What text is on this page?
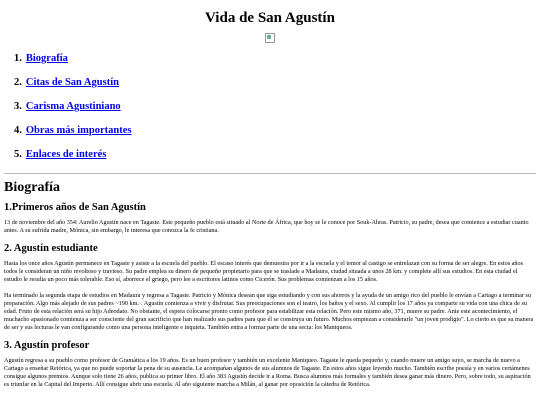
Vida de San Agustín
1. Biografía
2. Citas de San Agustín
3. Carisma Agustiniano
4. Obras más importantes
5. Enlaces de interés
Biografía
1.Primeros años de San Agustín

13 de noviembre del año 354: Aurelio Agustín nace en Tagaste. Este pequeño pueblo está situado al Norte de África, que hoy se le conoce por Souk-Ahras. Patricio, su padre, desea que comience a estudiar cuanto antes. A su sufrida madre, Mónica, sin embargo, le interesa que conozca la fe cristiana.

2. Agustín estudiante

Hasta los once años Agustín permanece en Tagaste y asiste a la escuela del pueblo. El escaso interés que demuestra por ir a la escuela y el temor al castigo se entrelazan con su forma de ser alegre. En estos años todos le consideran un niño revoltoso y travieso. Su padre emplea su dinero de pequeño propietario para que se traslade a Madaura, ciudad situada a unos 28 km. y complete allí sus estudios. En esta ciudad el estudio le resulta un poco más tolerable. Eso sí, aborrece el griego, pero lee a escritores latinos como Cicerón. Sus problemas comienzan a los 15 años.

Ha terminado la segunda etapa de estudios en Madaura y regresa a Tagaste. Patricio y Mónica desean que siga estudiando y con sus ahorros y la ayuda de un amigo rico del pueblo le envían a Cartago a terminar su preparación. Algo más alejado de sus padres ~190 km.·. Agustín comienza a vivir y disfrutar. Sus preocupaciones son el teatro, los baños y el sexo. Al cumplir los 17 años ya comparte su vida con una chica de su edad. Fruto de esta relación será su hijo Adeodato. No obstante, el esperа colocarse pronto como profesor para estabilizar esta relación. Pero este mismo año, 371, muere su padre. Ante este acontecimiento, el muchacho apasionado comienza a ser consciente del gran sacrificio que han realizado sus padres para que él se construya un futuro. Muchos empiezan a considerarle "un joven prodigio". Lo cierto es que su manera de ser y sus lecturas le van configurando como una persona inteligente e inquieta. También entra a formar parte de una secta: los Maniqueos.

3. Agustín profesor

Agustín regresa a su pueblo como profesor de Gramática a los 19 años. Es un buen profesor y también un excelente Maniqueo. Tagaste le queda pequeño y, cuando muere un amigo suyo, se marcha de nuevo a Cartago a enseñar Retórica, ya que no puede soportar la pena de su ausencia. Le acompañan algunos de sus alumnos de Tagaste. En estos años sigue leyendo mucho. También escribe poesía y en varios certámenes consigue algunos premios. Aunque solo tiene 26 años, publica su primer libro. El año 383 Agustín decide ir a Roma. Busca alumnos más formales y también desea ganar más dinero. Pero, sobre todo, su aspiración es triunfar en la Capital del Imperio. Allí consigue abrir una escuela. Al año siguiente marcha a Milán, al ganar por oposición la cátedra de Retórica.
